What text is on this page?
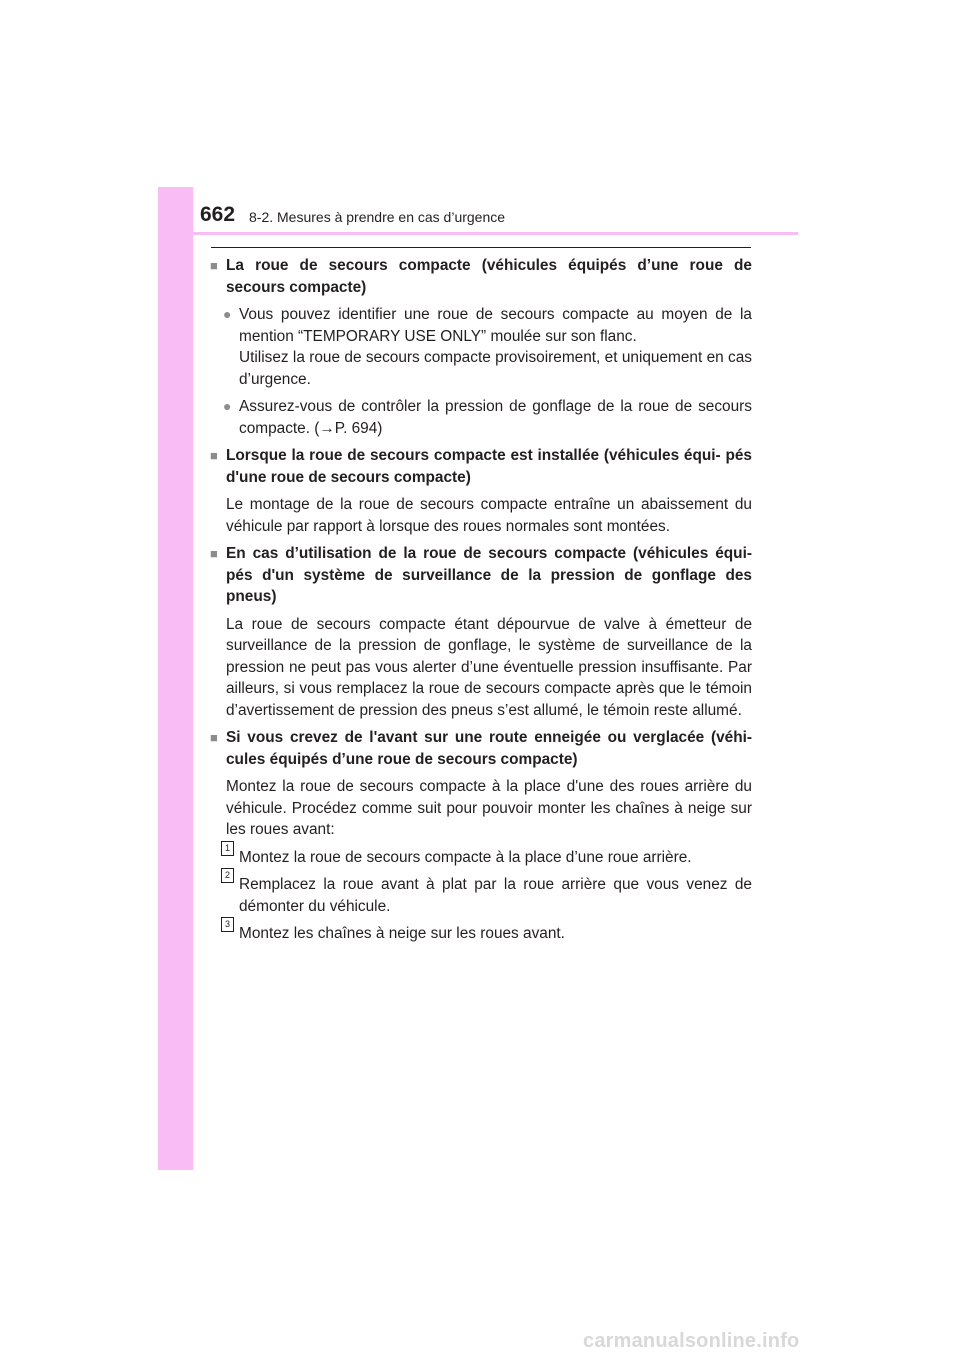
662 8-2. Mesures à prendre en cas d’urgence
■ La roue de secours compacte (véhicules équipés d’une roue de secours compacte)
● Vous pouvez identifier une roue de secours compacte au moyen de la mention “TEMPORARY USE ONLY” moulée sur son flanc.

Utilisez la roue de secours compacte provisoirement, et uniquement en cas d’urgence.

● Assurez-vous de contrôler la pression de gonflage de la roue de secours compacte. (→P. 694)

■ Lorsque la roue de secours compacte est installée (véhicules équi- pés d'une roue de secours compacte)
Le montage de la roue de secours compacte entraîne un abaissement du véhicule par rapport à lorsque des roues normales sont montées.
■ En cas d’utilisation de la roue de secours compacte (véhicules équi- pés d'un système de surveillance de la pression de gonflage des pneus)
La roue de secours compacte étant dépourvue de valve à émetteur de surveillance de la pression de gonflage, le système de surveillance de la pression ne peut pas vous alerter d’une éventuelle pression insuffisante. Par ailleurs, si vous remplacez la roue de secours compacte après que le témoin d’avertissement de pression des pneus s’est allumé, le témoin reste allumé.
■ Si vous crevez de l'avant sur une route enneigée ou verglacée (véhi- cules équipés d’une roue de secours compacte)
Montez la roue de secours compacte à la place d'une des roues arrière du véhicule. Procédez comme suit pour pouvoir monter les chaînes à neige sur les roues avant:
1
Montez la roue de secours compacte à la place d’une roue arrière.
2
Remplacez la roue avant à plat par la roue arrière que vous venez de démonter du véhicule.
3
Montez les chaînes à neige sur les roues avant.
carmanualsonline.info
